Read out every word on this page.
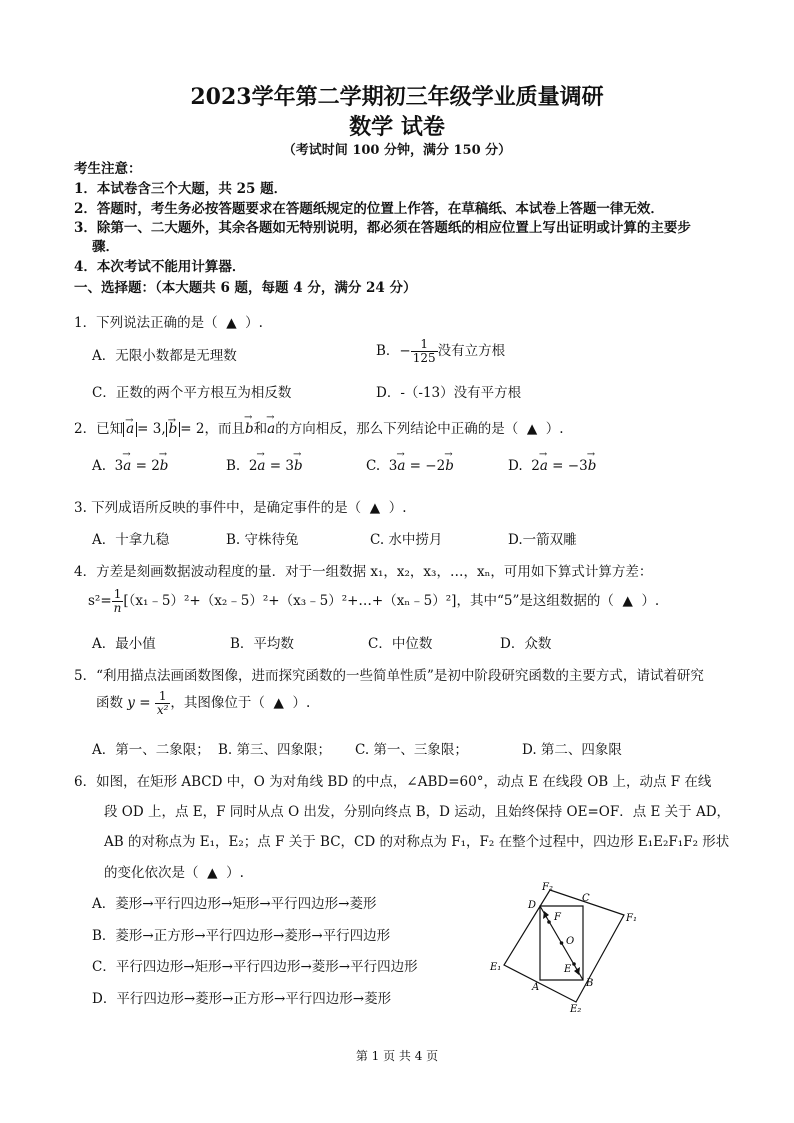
2023学年第二学期初三年级学业质量调研
数学 试卷
（考试时间 100 分钟，满分 150 分）
考生注意：
1．本试卷含三个大题，共 25 题．
2．答题时，考生务必按答题要求在答题纸规定的位置上作答，在草稿纸、本试卷上答题一律无效．
3．除第一、二大题外，其余各题如无特别说明，都必须在答题纸的相应位置上写出证明或计算的主要步
骤．
4．本次考试不能用计算器．
一、选择题：（本大题共 6 题，每题 4 分，满分 24 分）
1．下列说法正确的是（ ▲ ）.
A．无限小数都是无理数	B．− $\frac{1}{125}$ 没有立方根
C．正数的两个平方根互为相反数	D．‐（‐13）没有平方根
2．已知 → a = 3, → b = 2，而且→ b和→ a的方向相反，那么下列结论中正确的是（ ▲ ）.
A. 3→ a = 2→ b	B. 2→ a = 3→ b	C. 3→ a = −2→ b	D. 2→ a = −3→ b
3. 下列成语所反映的事件中，是确定事件的是（ ▲ ）.
A．十拿九稳	B. 守株待兔	C. 水中捞月	D.一箭双雕
4．方差是刻画数据波动程度的量．对于一组数据 x₁，x₂，x₃，…，xₙ，可用如下算式计算方差：
$s^2= \frac{1}{n}$ [（x₁﹣5）²+（x₂﹣5）²+（x₃﹣5）²+…+（xₙ﹣5）²]，其中“5”是这组数据的（ ▲ ）.
A．最小值	B．平均数	C．中位数	D．众数
5．“利用描点法画函数图像，进而探究函数的一些简单性质”是初中阶段研究函数的主要方式，请试着研究
函数 $y = \frac{1}{\text{x²}}$ ，其图像位于（ ▲ ）.
A．第一、二象限； B. 第三、四象限； C. 第一、三象限；	D. 第二、四象限
6．如图，在矩形 ABCD 中，O 为对角线 BD 的中点，∠ABD=60°，动点 E 在线段 OB 上，动点 F 在线
段 OD 上，点 E，F 同时从点 O 出发，分别向终点 B，D 运动，且始终保持 OE=OF．点 E 关于 AD，
AB 的对称点为 E₁，E₂；点 F 关于 BC，CD 的对称点为 F₁，F₂ 在整个过程中，四边形 E₁E₂F₁F₂ 形状
的变化依次是（ ▲ ）.
A．菱形→平行四边形→矩形→平行四边形→菱形
B．菱形→正方形→平行四边形→菱形→平行四边形
C．平行四边形→矩形→平行四边形→菱形→平行四边形
D．平行四边形→菱形→正方形→平行四边形→菱形
F₂
C
D
F₁
F
O
E₁	E
A	B
E₂
第 1 页 共 4 页
